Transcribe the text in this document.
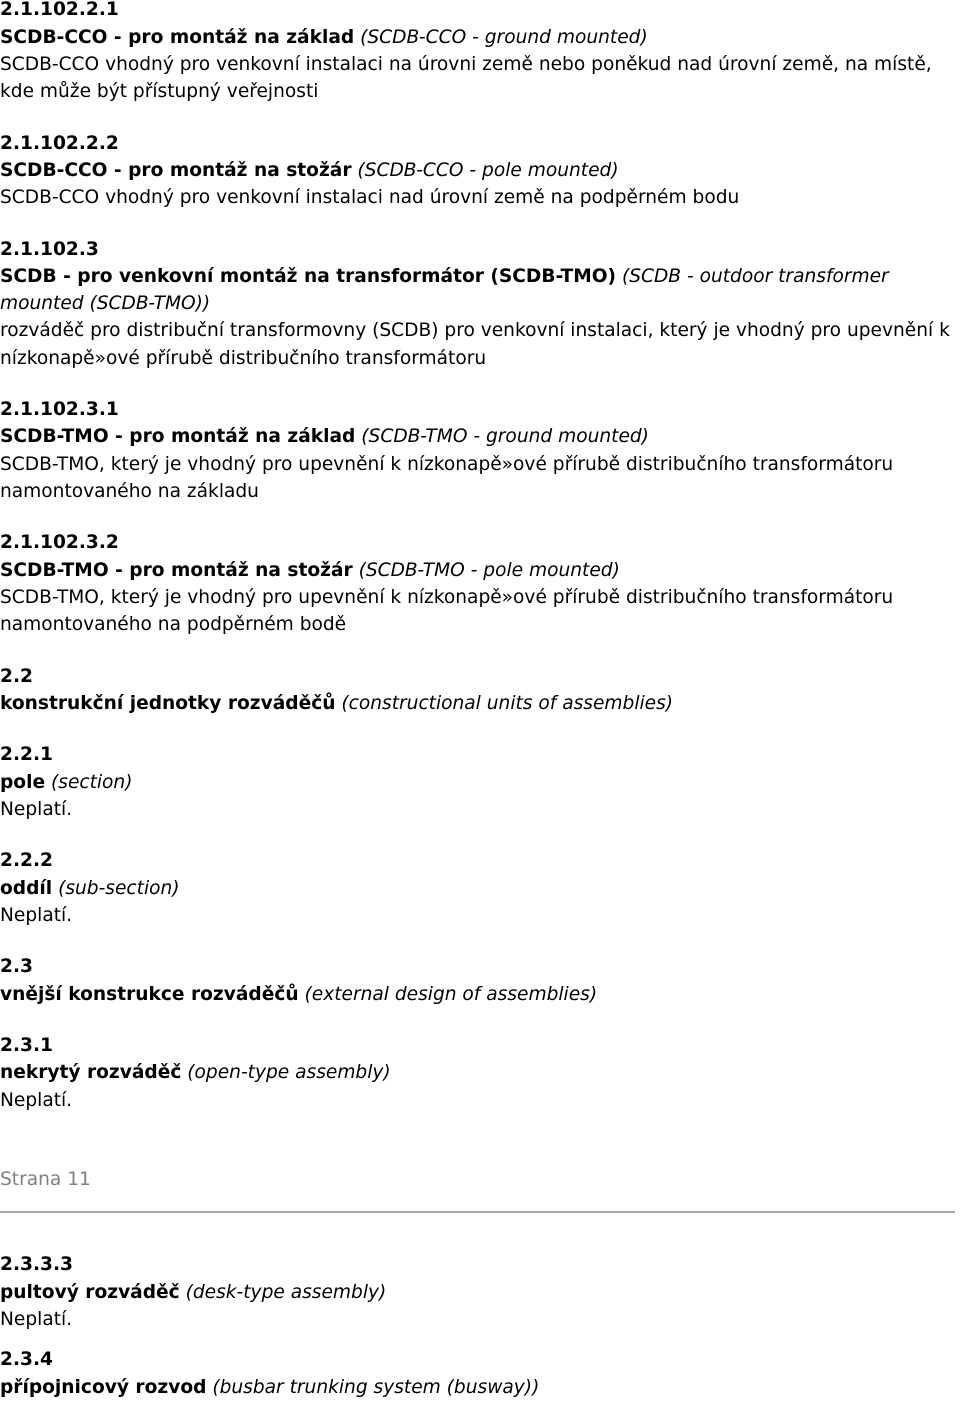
2.1.102.2.1
SCDB-CCO - pro montáž na základ (SCDB-CCO - ground mounted)
SCDB-CCO vhodný pro venkovní instalaci na úrovni země nebo poněkud nad úrovní země, na místě,
kde může být přístupný veřejnosti
2.1.102.2.2
SCDB-CCO - pro montáž na stožár (SCDB-CCO - pole mounted)
SCDB-CCO vhodný pro venkovní instalaci nad úrovní země na podpěrném bodu
2.1.102.3
SCDB - pro venkovní montáž na transformátor (SCDB-TMO) (SCDB - outdoor transformer
mounted (SCDB-TMO))
rozváděč pro distribuční transformovny (SCDB) pro venkovní instalaci, který je vhodný pro upevnění k
nízkonapě»ové přírubě distribučního transformátoru
2.1.102.3.1
SCDB-TMO - pro montáž na základ (SCDB-TMO - ground mounted)
SCDB-TMO, který je vhodný pro upevnění k nízkonapě»ové přírubě distribučního transformátoru
namontovaného na základu
2.1.102.3.2
SCDB-TMO - pro montáž na stožár (SCDB-TMO - pole mounted)
SCDB-TMO, který je vhodný pro upevnění k nízkonapě»ové přírubě distribučního transformátoru
namontovaného na podpěrném bodě
2.2
konstrukční jednotky rozváděčů (constructional units of assemblies)
2.2.1
pole (section)
Neplatí.
2.2.2
oddíl (sub-section)
Neplatí.
2.3
vnější konstrukce rozváděčů (external design of assemblies)
2.3.1
nekrytý rozváděč (open-type assembly)
Neplatí.
Strana 11
2.3.3.3
pultový rozváděč (desk-type assembly)
Neplatí.
2.3.4
přípojnicový rozvod (busbar trunking system (busway))
